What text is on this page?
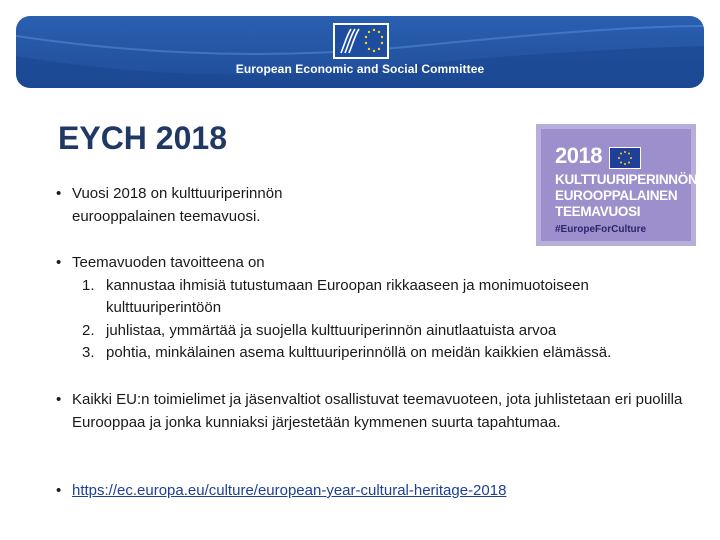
European Economic and Social Committee
EYCH 2018	2018
KULTTUURIPERINNÖN
EUROOPPALAINEN
TEEMAVUOSI
#EuropeForCulture
• Vuosi 2018 on kulttuuriperinnön eurooppalainen teemavuosi.
• Teemavuoden tavoitteena on
1. kannustaa ihmisiä tutustumaan Euroopan rikkaaseen ja monimuotoiseen kulttuuriperintöön
2. juhlistaa, ymmärtää ja suojella kulttuuriperinnön ainutlaatuista arvoa
3. pohtia, minkälainen asema kulttuuriperinnöllä on meidän kaikkien elämässä.
• Kaikki EU:n toimielimet ja jäsenvaltiot osallistuvat teemavuoteen, jota juhlistetaan eri puolilla Eurooppaa ja jonka kunniaksi järjestetään kymmenen suurta tapahtumaa.
• https://ec.europa.eu/culture/european-year-cultural-heritage-2018
